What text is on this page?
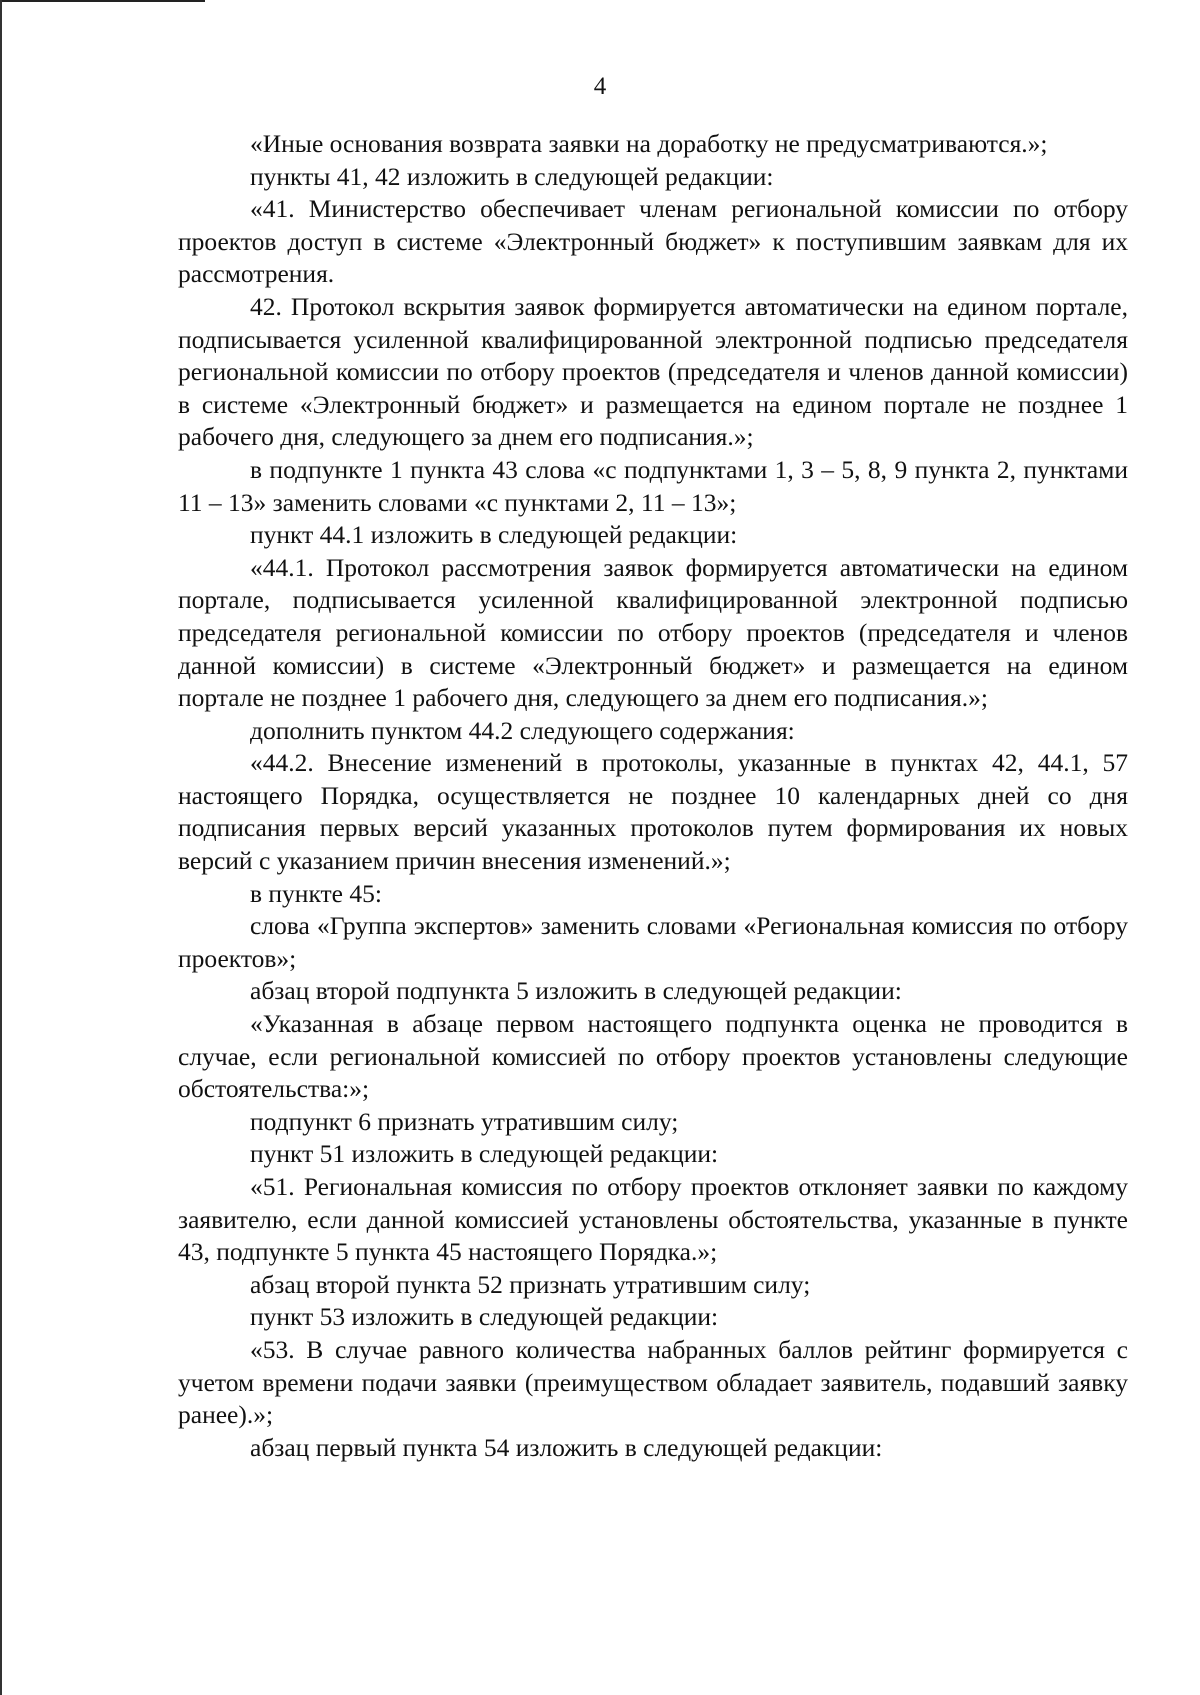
4

«Иные основания возврата заявки на доработку не предусматриваются.»;

пункты 41, 42 изложить в следующей редакции:

«41. Министерство обеспечивает членам региональной комиссии по отбору проектов доступ в системе «Электронный бюджет» к поступившим заявкам для их рассмотрения.

42. Протокол вскрытия заявок формируется автоматически на едином портале, подписывается усиленной квалифицированной электронной подписью председателя региональной комиссии по отбору проектов (председателя и членов данной комиссии) в системе «Электронный бюджет» и размещается на едином портале не позднее 1 рабочего дня, следующего за днем его подписания.»;

в подпункте 1 пункта 43 слова «с подпунктами 1, 3 – 5, 8, 9 пункта 2, пунктами 11 – 13» заменить словами «с пунктами 2, 11 – 13»;

пункт 44.1 изложить в следующей редакции:

«44.1. Протокол рассмотрения заявок формируется автоматически на едином портале, подписывается усиленной квалифицированной электронной подписью председателя региональной комиссии по отбору проектов (председателя и членов данной комиссии) в системе «Электронный бюджет» и размещается на едином портале не позднее 1 рабочего дня, следующего за днем его подписания.»;

дополнить пунктом 44.2 следующего содержания:

«44.2. Внесение изменений в протоколы, указанные в пунктах 42, 44.1, 57 настоящего Порядка, осуществляется не позднее 10 календарных дней со дня подписания первых версий указанных протоколов путем формирования их новых версий с указанием причин внесения изменений.»;

в пункте 45:

слова «Группа экспертов» заменить словами «Региональная комиссия по отбору проектов»;

абзац второй подпункта 5 изложить в следующей редакции:

«Указанная в абзаце первом настоящего подпункта оценка не проводится в случае, если региональной комиссией по отбору проектов установлены следующие обстоятельства:»;

подпункт 6 признать утратившим силу;

пункт 51 изложить в следующей редакции:

«51. Региональная комиссия по отбору проектов отклоняет заявки по каждому заявителю, если данной комиссией установлены обстоятельства, указанные в пункте 43, подпункте 5 пункта 45 настоящего Порядка.»;

абзац второй пункта 52 признать утратившим силу;

пункт 53 изложить в следующей редакции:

«53. В случае равного количества набранных баллов рейтинг формируется с учетом времени подачи заявки (преимуществом обладает заявитель, подавший заявку ранее).»;

абзац первый пункта 54 изложить в следующей редакции:
